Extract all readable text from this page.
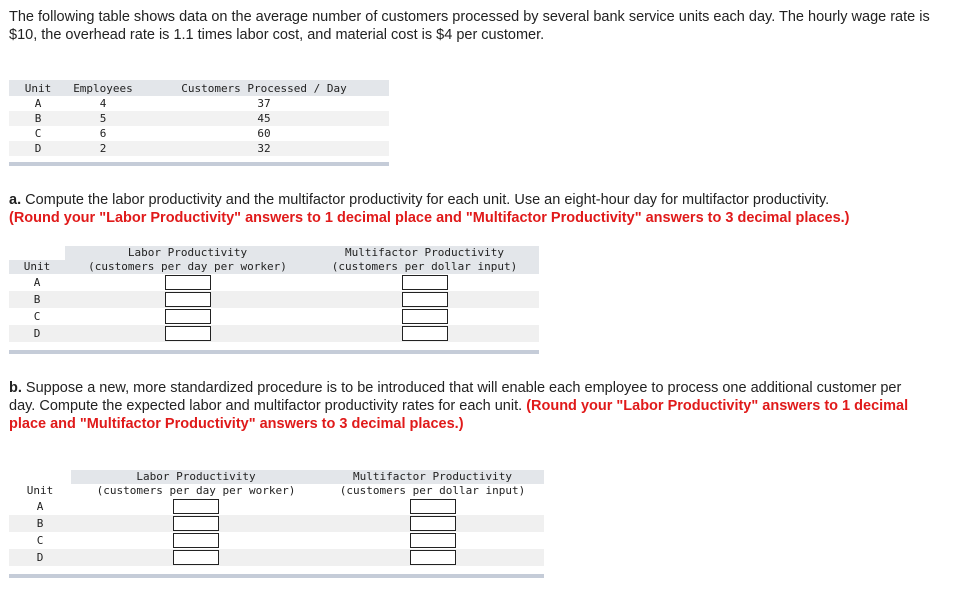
The following table shows data on the average number of customers processed by several bank service units each day. The hourly wage rate is $10, the overhead rate is 1.1 times labor cost, and material cost is $4 per customer.
Unit	Employees	Customers Processed / Day
A	4	37
B	5	45
C	6	60
D	2	32
a. Compute the labor productivity and the multifactor productivity for each unit. Use an eight-hour day for multifactor productivity.
(Round your "Labor Productivity" answers to 1 decimal place and "Multifactor Productivity" answers to 3 decimal places.)
	Labor Productivity	Multifactor Productivity
Unit	(customers per day per worker)	(customers per dollar input)
A		
B		
C		
D		
b. Suppose a new, more standardized procedure is to be introduced that will enable each employee to process one additional customer per day. Compute the expected labor and multifactor productivity rates for each unit. (Round your "Labor Productivity" answers to 1 decimal place and "Multifactor Productivity" answers to 3 decimal places.)
	Labor Productivity	Multifactor Productivity
Unit	(customers per day per worker)	(customers per dollar input)
A		
B		
C		
D		
